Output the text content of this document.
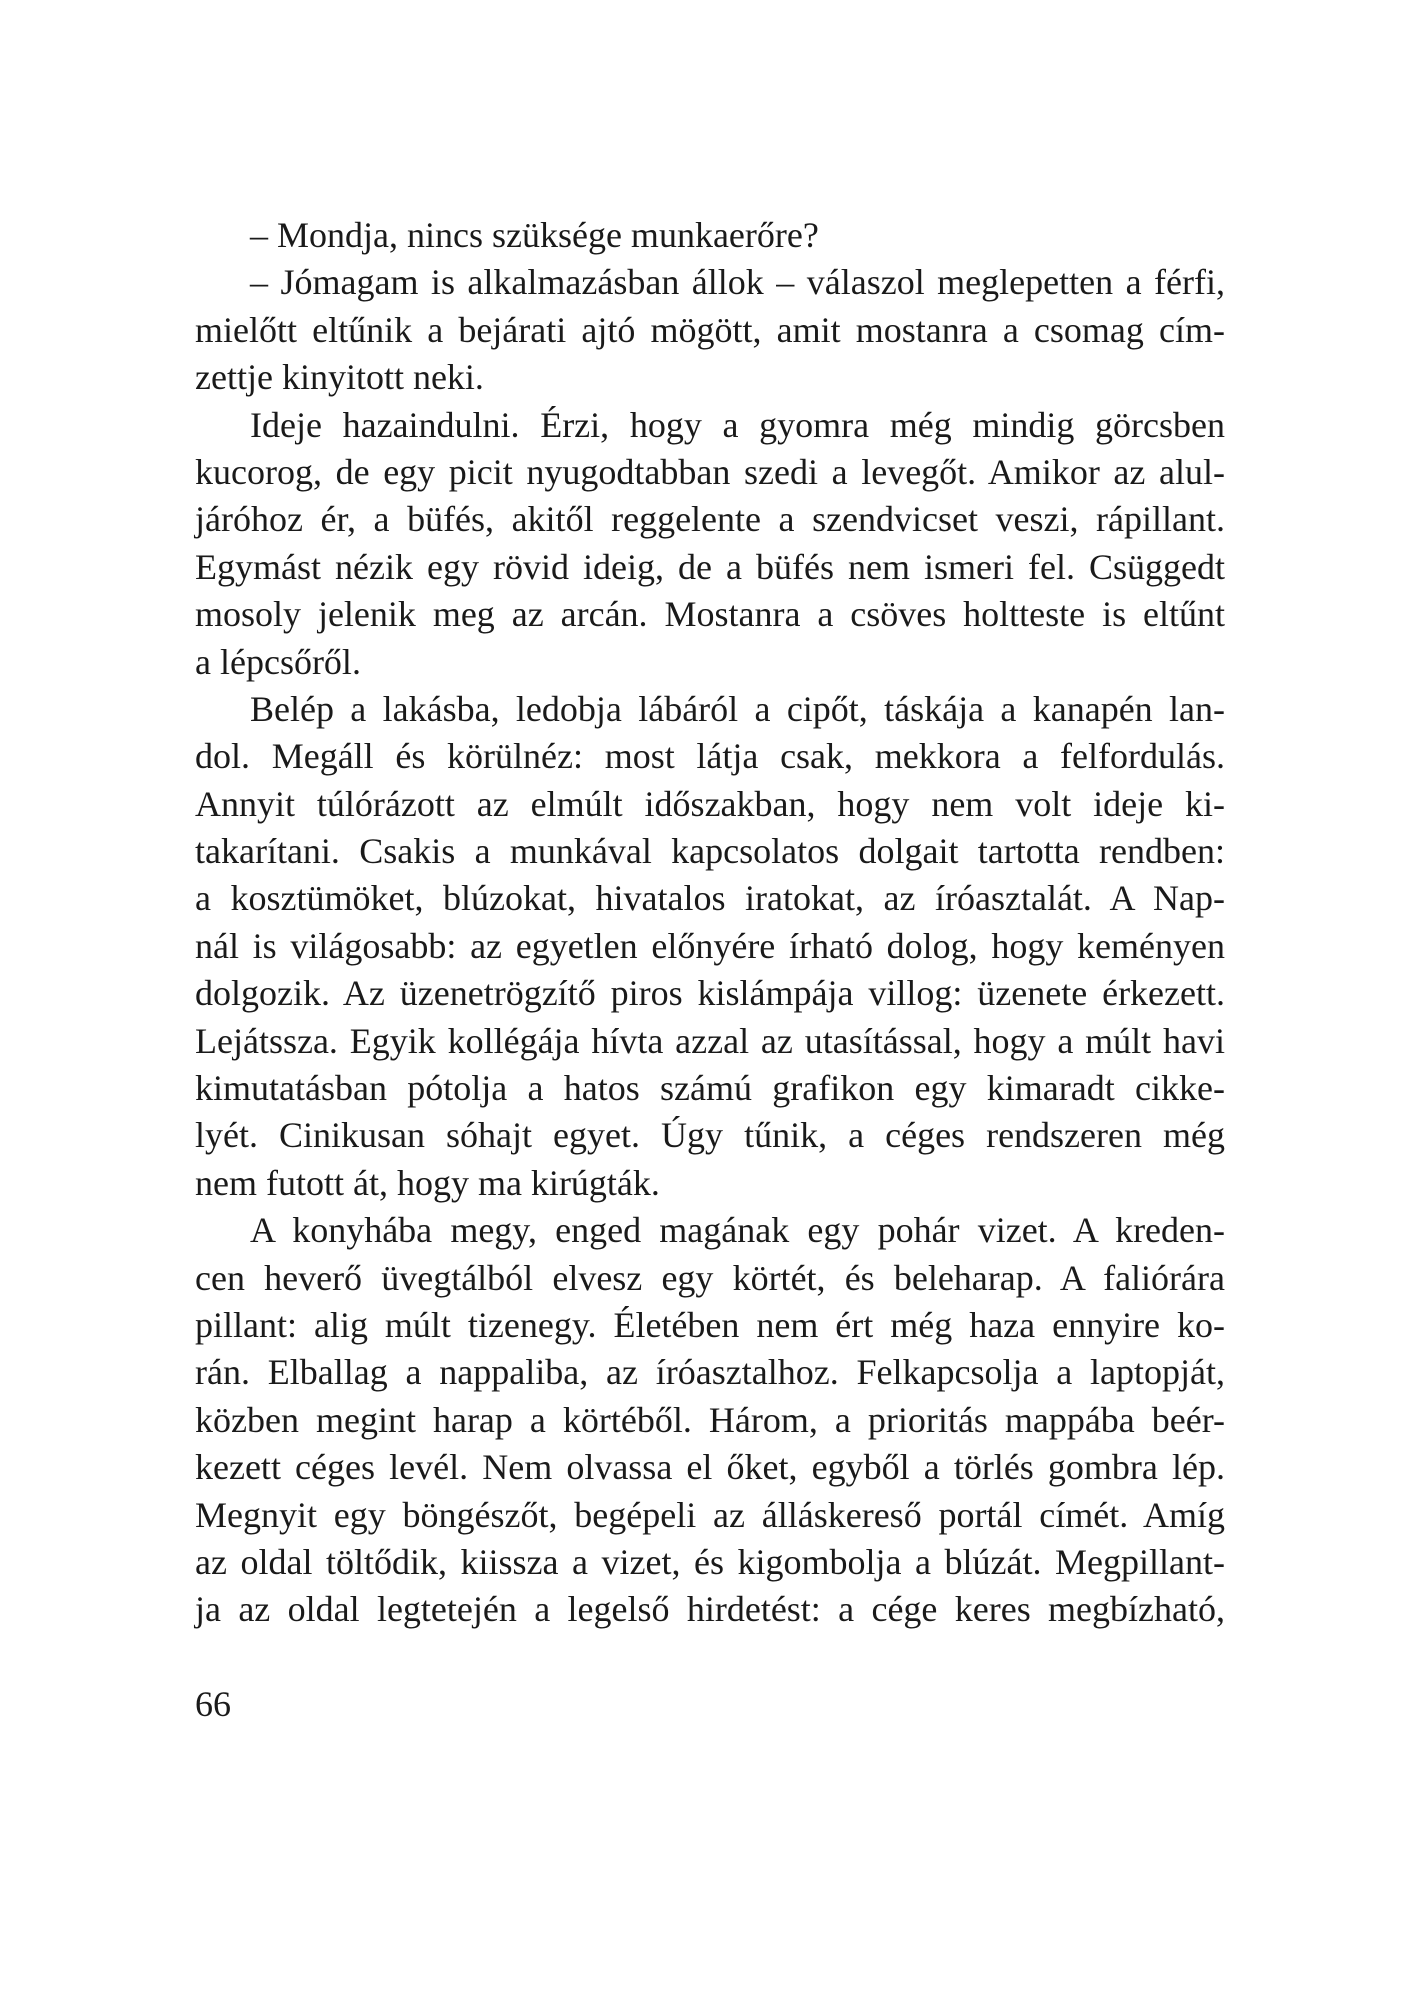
– Mondja, nincs szüksége munkaerőre?
– Jómagam is alkalmazásban állok – válaszol meglepetten a férfi,
mielőtt eltűnik a bejárati ajtó mögött, amit mostanra a csomag cím-
zettje kinyitott neki.
Ideje hazaindulni. Érzi, hogy a gyomra még mindig görcsben
kucorog, de egy picit nyugodtabban szedi a levegőt. Amikor az alul-
járóhoz ér, a büfés, akitől reggelente a szendvicset veszi, rápillant.
Egymást nézik egy rövid ideig, de a büfés nem ismeri fel. Csüggedt
mosoly jelenik meg az arcán. Mostanra a csöves holtteste is eltűnt
a lépcsőről.
Belép a lakásba, ledobja lábáról a cipőt, táskája a kanapén lan-
dol. Megáll és körülnéz: most látja csak, mekkora a felfordulás.
Annyit túlórázott az elmúlt időszakban, hogy nem volt ideje ki-
takarítani. Csakis a munkával kapcsolatos dolgait tartotta rendben:
a kosztümöket, blúzokat, hivatalos iratokat, az íróasztalát. A Nap-
nál is világosabb: az egyetlen előnyére írható dolog, hogy keményen
dolgozik. Az üzenetrögzítő piros kislámpája villog: üzenete érkezett.
Lejátssza. Egyik kollégája hívta azzal az utasítással, hogy a múlt havi
kimutatásban pótolja a hatos számú grafikon egy kimaradt cikke-
lyét. Cinikusan sóhajt egyet. Úgy tűnik, a céges rendszeren még
nem futott át, hogy ma kirúgták.
A konyhába megy, enged magának egy pohár vizet. A kreden-
cen heverő üvegtálból elvesz egy körtét, és beleharap. A faliórára
pillant: alig múlt tizenegy. Életében nem ért még haza ennyire ko-
rán. Elballag a nappaliba, az íróasztalhoz. Felkapcsolja a laptopját,
közben megint harap a körtéből. Három, a prioritás mappába beér-
kezett céges levél. Nem olvassa el őket, egyből a törlés gombra lép.
Megnyit egy böngészőt, begépeli az álláskereső portál címét. Amíg
az oldal töltődik, kiissza a vizet, és kigombolja a blúzát. Megpillant-
ja az oldal legtetején a legelső hirdetést: a cége keres megbízható,
66
